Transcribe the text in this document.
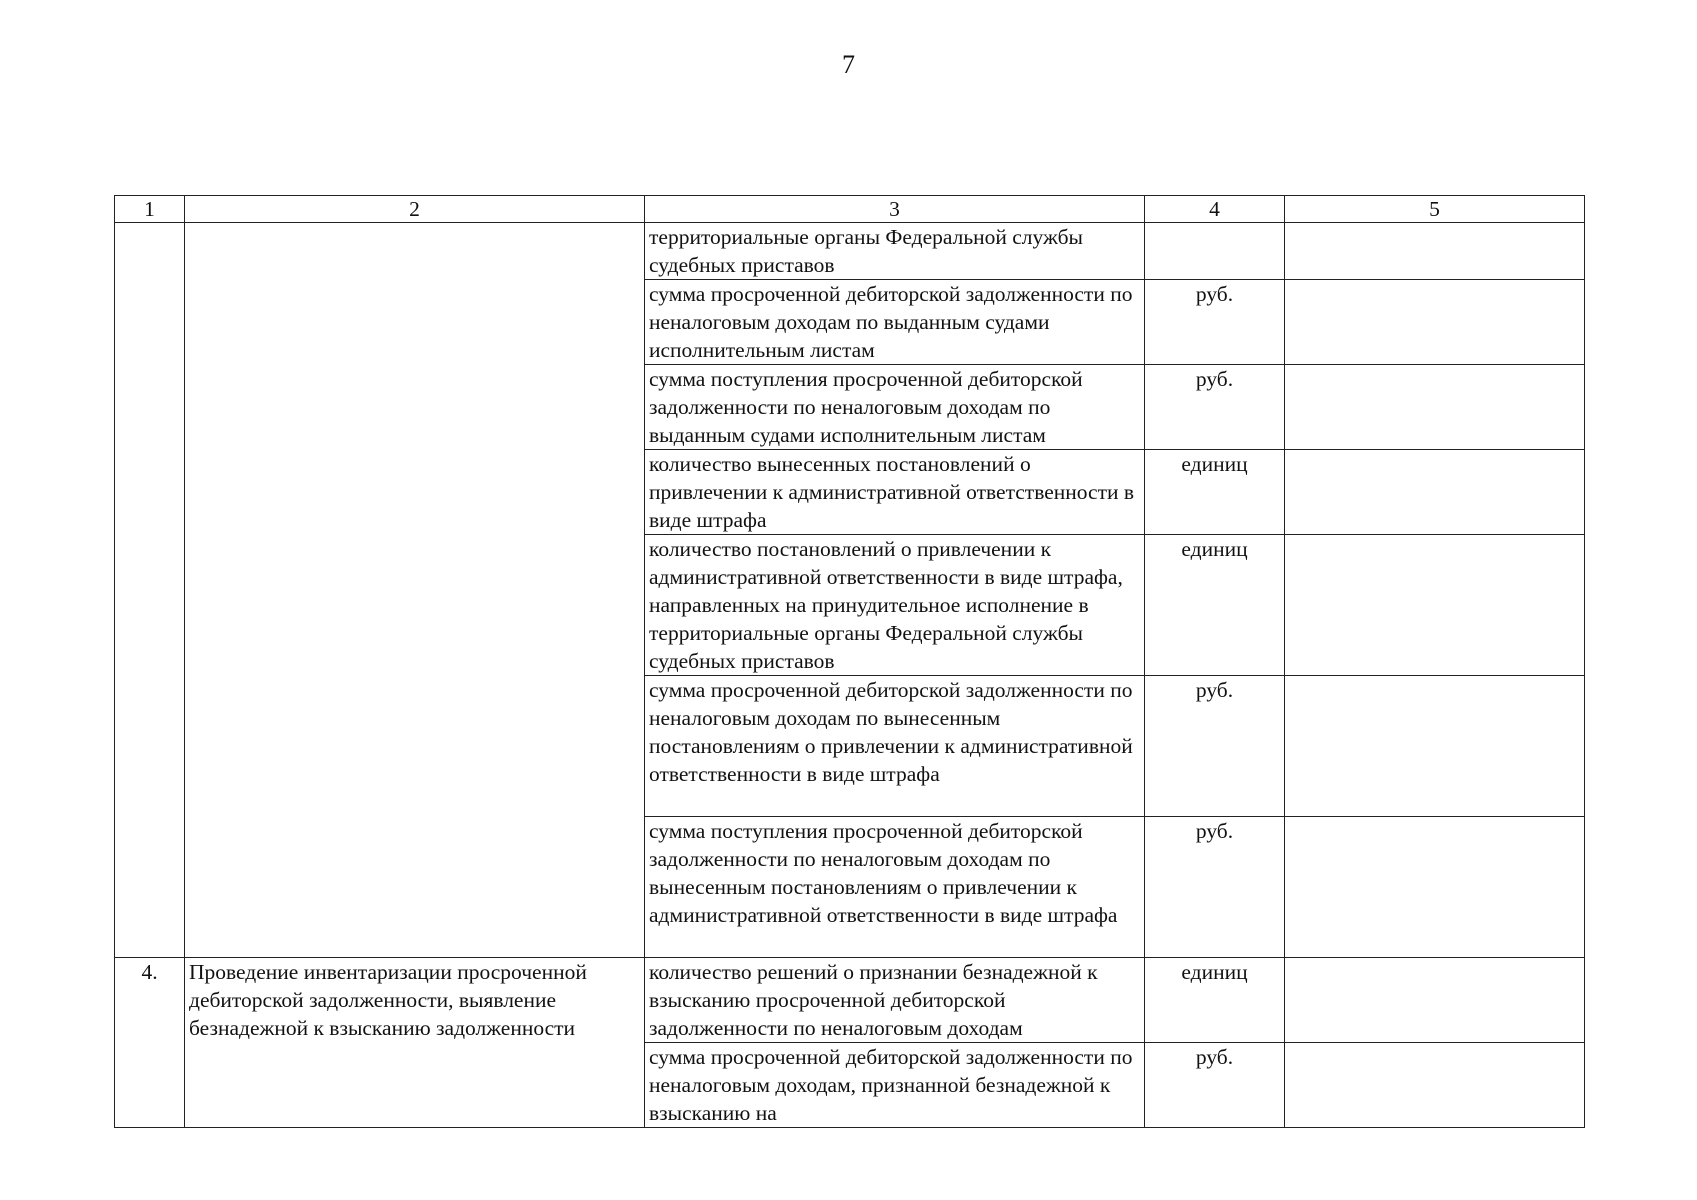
7
1	2	3	4	5
		территориальные органы Федеральной службы судебных приставов		
		сумма просроченной дебиторской задолженности по неналоговым доходам по выданным судами исполнительным листам	руб.	
		сумма поступления просроченной дебиторской задолженности по неналоговым доходам по выданным судами исполнительным листам	руб.	
		количество вынесенных постановлений о привлечении к административной ответственности в виде штрафа	единиц	
		количество постановлений о привлечении к административной ответственности в виде штрафа, направленных на принудительное исполнение в территориальные органы Федеральной службы судебных приставов	единиц	
		сумма просроченной дебиторской задолженности по неналоговым доходам по вынесенным постановлениям о привлечении к административной ответственности в виде штрафа	руб.	
		сумма поступления просроченной дебиторской задолженности по неналоговым доходам по вынесенным постановлениям о привлечении к административной ответственности в виде штрафа	руб.	
4.	Проведение инвентаризации просроченной дебиторской задолженности, выявление безнадежной к взысканию задолженности	количество решений о признании безнадежной к взысканию просроченной дебиторской задолженности по неналоговым доходам	единиц	
		сумма просроченной дебиторской задолженности по неналоговым доходам, признанной безнадежной к взысканию на	руб.	
